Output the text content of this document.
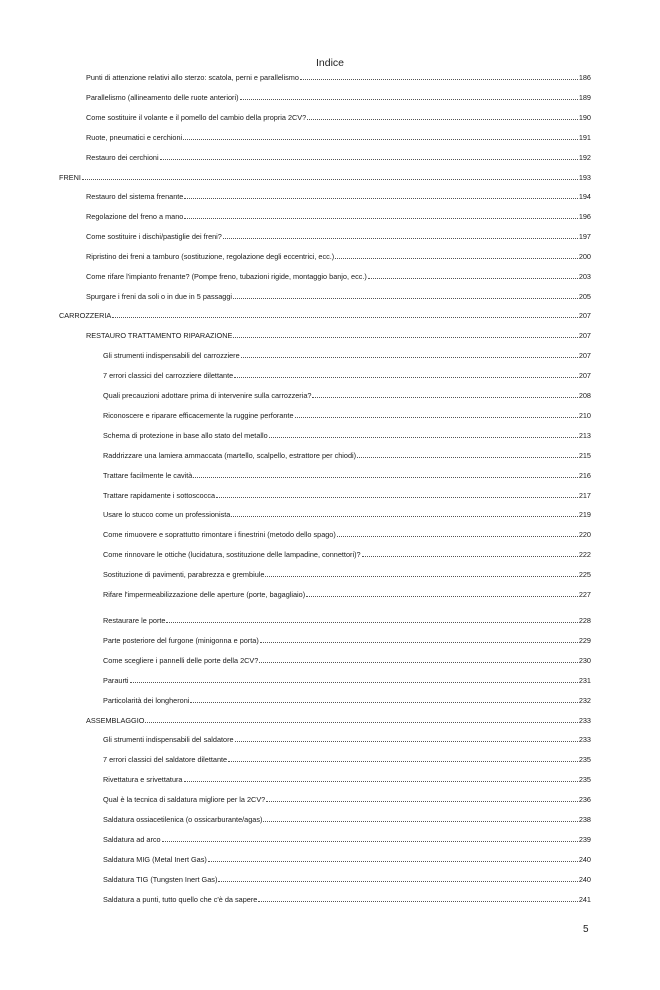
Indice
Punti di attenzione relativi allo sterzo: scatola, perni e parallelismo	186
Parallelismo (allineamento delle ruote anteriori)	189
Come sostituire il volante e il pomello del cambio della propria 2CV?	190
Ruote, pneumatici e cerchioni	191
Restauro dei cerchioni	192
FRENI	193
Restauro del sistema frenante	194
Regolazione del freno a mano	196
Come sostituire i dischi/pastiglie dei freni?	197
Ripristino dei freni a tamburo (sostituzione, regolazione degli eccentrici, ecc.)	200
Come rifare l'impianto frenante? (Pompe freno, tubazioni rigide, montaggio banjo, ecc.)	203
Spurgare i freni da soli o in due in 5 passaggi	205
CARROZZERIA	207
RESTAURO TRATTAMENTO RIPARAZIONE	207
Gli strumenti indispensabili del carrozziere	207
7 errori classici del carrozziere dilettante	207
Quali precauzioni adottare prima di intervenire sulla carrozzeria?	208
Riconoscere e riparare efficacemente la ruggine perforante	210
Schema di protezione in base allo stato del metallo	213
Raddrizzare una lamiera ammaccata (martello, scalpello, estrattore per chiodi)	215
Trattare facilmente le cavità	216
Trattare rapidamente i sottoscocca	217
Usare lo stucco come un professionista	219
Come rimuovere e soprattutto rimontare i finestrini (metodo dello spago)	220
Come rinnovare le ottiche (lucidatura, sostituzione delle lampadine, connettori)?	222
Sostituzione di pavimenti, parabrezza e grembiule	225
Rifare l'impermeabilizzazione delle aperture (porte, bagagliaio)	227
Restaurare le porte	228
Parte posteriore del furgone (minigonna e porta)	229
Come scegliere i pannelli delle porte della 2CV?	230
Paraurti	231
Particolarità dei longheroni	232
ASSEMBLAGGIO	233
Gli strumenti indispensabili del saldatore	233
7 errori classici del saldatore dilettante	235
Rivettatura e srivettatura	235
Qual è la tecnica di saldatura migliore per la 2CV?	236
Saldatura ossiacetilenica (o ossicarburante/agas)	238
Saldatura ad arco	239
Saldatura MIG (Metal Inert Gas)	240
Saldatura TIG (Tungsten Inert Gas)	240
Saldatura a punti, tutto quello che c'è da sapere	241
5
